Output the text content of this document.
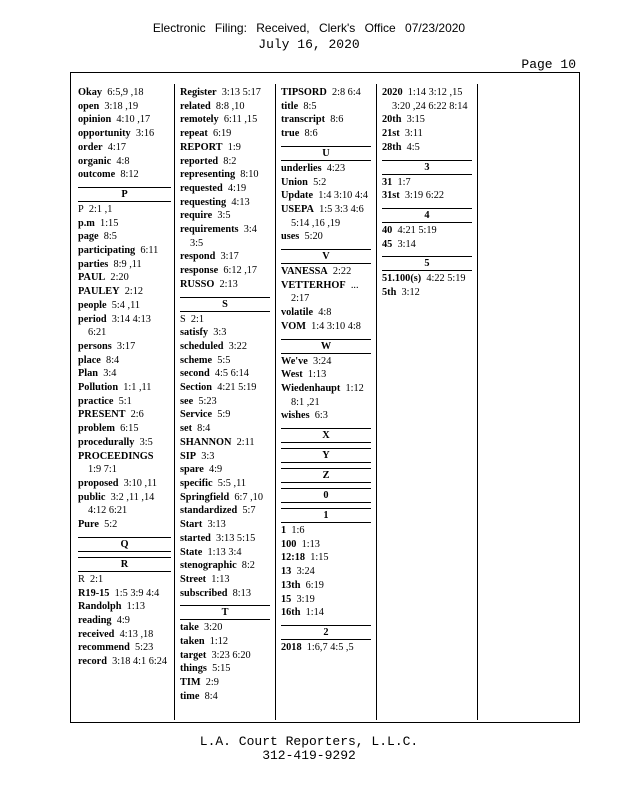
Electronic Filing: Received, Clerk's Office 07/23/2020
July 16, 2020
Page 10
Okay 6:5,9 ,18
open 3:18 ,19
opinion 4:10 ,17
opportunity 3:16
order 4:17
organic 4:8
outcome 8:12
P
P 2:1 ,1
p.m 1:15
page 8:5
participating 6:11
parties 8:9 ,11
PAUL 2:20
PAULEY 2:12
people 5:4 ,11
period 3:14 4:13 6:21
persons 3:17
place 8:4
Plan 3:4
Pollution 1:1 ,11
practice 5:1
PRESENT 2:6
problem 6:15
procedurally 3:5
PROCEEDINGS  1:9 7:1
proposed 3:10 ,11
public 3:2 ,11 ,14 4:12 6:21
Pure 5:2
Q
R
R 2:1
R19-15 1:5 3:9 4:4
Randolph 1:13
reading 4:9
received 4:13 ,18
recommend 5:23
record 3:18 4:1 6:24
Register 3:13 5:17
related 8:8 ,10
remotely 6:11 ,15
repeat 6:19
REPORT 1:9
reported 8:2
representing 8:10
requested 4:19
requesting 4:13
require 3:5
requirements 3:4 3:5
respond 3:17
response 6:12 ,17
RUSSO 2:13
S
S 2:1
satisfy 3:3
scheduled 3:22
scheme 5:5
second 4:5 6:14
Section 4:21 5:19
see 5:23
Service 5:9
set 8:4
SHANNON 2:11
SIP 3:3
spare 4:9
specific 5:5 ,11
Springfield 6:7 ,10
standardized 5:7
Start 3:13
started 3:13 5:15
State 1:13 3:4
stenographic 8:2
Street 1:13
subscribed 8:13
T
take 3:20
taken 1:12
target 3:23 6:20
things 5:15
TIM 2:9
time 8:4
TIPSORD 2:8 6:4
title 8:5
transcript 8:6
true 8:6
U
underlies 4:23
Union 5:2
Update 1:4 3:10 4:4
USEPA 1:5 3:3 4:6 5:14 ,16 ,19
uses 5:20
V
VANESSA 2:22
VETTERHOF ... 2:17
volatile 4:8
VOM 1:4 3:10 4:8
W
We've 3:24
West 1:13
Wiedenhaupt 1:12 8:1 ,21
wishes 6:3
X
Y
Z
0
1
1 1:6
100 1:13
12:18 1:15
13 3:24
13th 6:19
15 3:19
16th 1:14
2
2018 1:6,7 4:5 ,5
2020 1:14 3:12 ,15 3:20 ,24 6:22 8:14
20th 3:15
21st 3:11
28th 4:5
3
31 1:7
31st 3:19 6:22
4
40 4:21 5:19
45 3:14
5
51.100(s) 4:22 5:19
5th 3:12
L.A. Court Reporters, L.L.C.
312-419-9292
